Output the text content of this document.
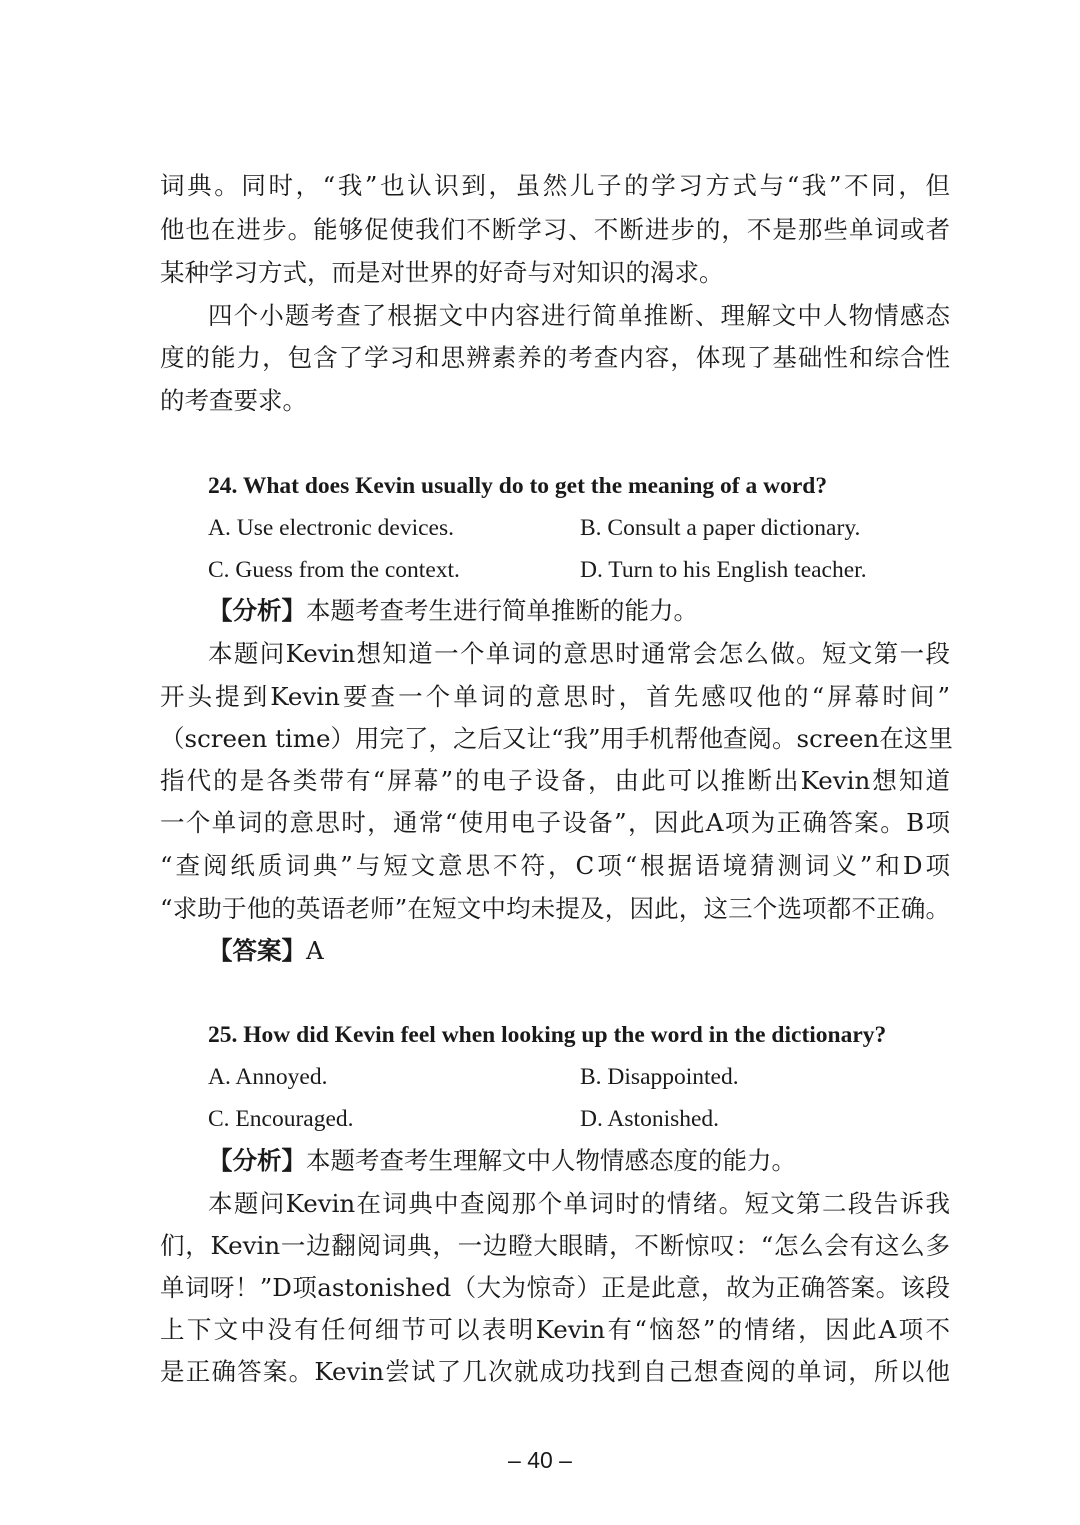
词典。同时，“我”也认识到，虽然儿子的学习方式与“我”不同，但
他也在进步。能够促使我们不断学习、不断进步的，不是那些单词或者
某种学习方式，而是对世界的好奇与对知识的渴求。
四个小题考查了根据文中内容进行简单推断、理解文中人物情感态
度的能力，包含了学习和思辨素养的考查内容，体现了基础性和综合性
的考查要求。
24. What does Kevin usually do to get the meaning of a word?
A. Use electronic devices.	B. Consult a paper dictionary.
C. Guess from the context.	D. Turn to his English teacher.
【分析】本题考查考生进行简单推断的能力。
本题问Kevin想知道一个单词的意思时通常会怎么做。短文第一段
开头提到Kevin要查一个单词的意思时，首先感叹他的“屏幕时间”
（screen time）用完了，之后又让“我”用手机帮他查阅。screen在这里
指代的是各类带有“屏幕”的电子设备，由此可以推断出Kevin想知道
一个单词的意思时，通常“使用电子设备”，因此A项为正确答案。B项
“查阅纸质词典”与短文意思不符，C项“根据语境猜测词义”和D项
“求助于他的英语老师”在短文中均未提及，因此，这三个选项都不正确。
【答案】A
25. How did Kevin feel when looking up the word in the dictionary?
A. Annoyed.	B. Disappointed.
C. Encouraged.	D. Astonished.
【分析】本题考查考生理解文中人物情感态度的能力。
本题问Kevin在词典中查阅那个单词时的情绪。短文第二段告诉我
们，Kevin一边翻阅词典，一边瞪大眼睛，不断惊叹：“怎么会有这么多
单词呀！”D项astonished（大为惊奇）正是此意，故为正确答案。该段
上下文中没有任何细节可以表明Kevin有“恼怒”的情绪，因此A项不
是正确答案。Kevin尝试了几次就成功找到自己想查阅的单词，所以他
– 40 –
